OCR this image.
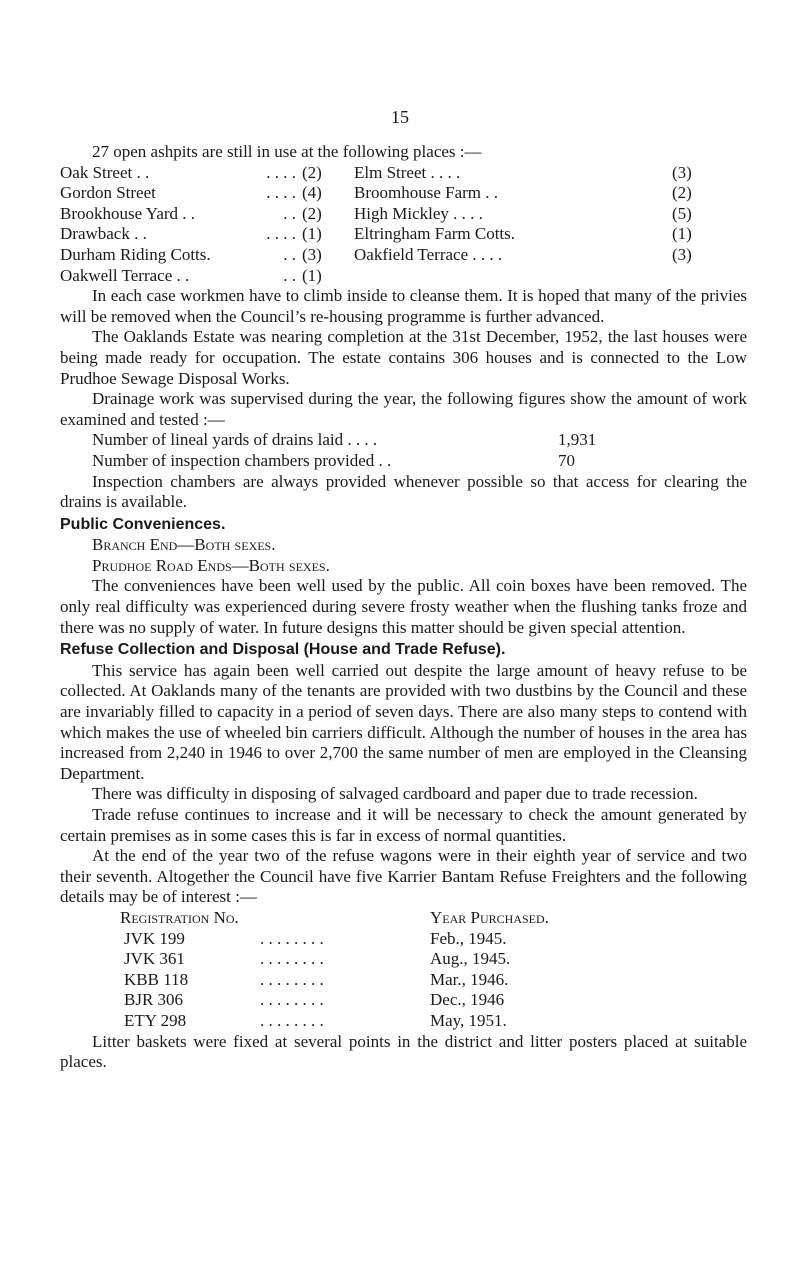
15

27 open ashpits are still in use at the following places :—

Oak Street . .	. . . . (2)	Elm Street . . . .	(3)
Gordon Street	. . . . (4)	Broomhouse Farm . .	(2)
Brookhouse Yard . .	. . (2)	High Mickley . . . .	(5)
Drawback . .	. . . . (1)	Eltringham Farm Cotts.	(1)
Durham Riding Cotts.	. . (3)	Oakfield Terrace . . . .	(3)
Oakwell Terrace . .	. . (1)

In each case workmen have to climb inside to cleanse them. It is hoped that many of the privies will be removed when the Council’s re-housing programme is further advanced.

The Oaklands Estate was nearing completion at the 31st December, 1952, the last houses were being made ready for occupation. The estate contains 306 houses and is connected to the Low Prudhoe Sewage Disposal Works.

Drainage work was supervised during the year, the following figures show the amount of work examined and tested :—

Number of lineal yards of drains laid . . . .	1,931
Number of inspection chambers provided . .	70

Inspection chambers are always provided whenever possible so that access for clearing the drains is available.

Public Conveniences.
Branch End—Both sexes.
Prudhoe Road Ends—Both sexes.

The conveniences have been well used by the public. All coin boxes have been removed. The only real difficulty was experienced during severe frosty weather when the flushing tanks froze and there was no supply of water. In future designs this matter should be given special attention.

Refuse Collection and Disposal (House and Trade Refuse).

This service has again been well carried out despite the large amount of heavy refuse to be collected. At Oaklands many of the tenants are provided with two dustbins by the Council and these are invariably filled to capacity in a period of seven days. There are also many steps to contend with which makes the use of wheeled bin carriers difficult. Although the number of houses in the area has increased from 2,240 in 1946 to over 2,700 the same number of men are employed in the Cleansing Department.

There was difficulty in disposing of salvaged cardboard and paper due to trade recession.

Trade refuse continues to increase and it will be necessary to check the amount generated by certain premises as in some cases this is far in excess of normal quantities.

At the end of the year two of the refuse wagons were in their eighth year of service and two their seventh. Altogether the Council have five Karrier Bantam Refuse Freighters and the following details may be of interest :—

Registration No.	Year Purchased.
JVK 199	. . . . . . . .	Feb., 1945.
JVK 361	. . . . . . . .	Aug., 1945.
KBB 118	. . . . . . . .	Mar., 1946.
BJR 306	. . . . . . . .	Dec., 1946
ETY 298	. . . . . . . .	May, 1951.

Litter baskets were fixed at several points in the district and litter posters placed at suitable places.
